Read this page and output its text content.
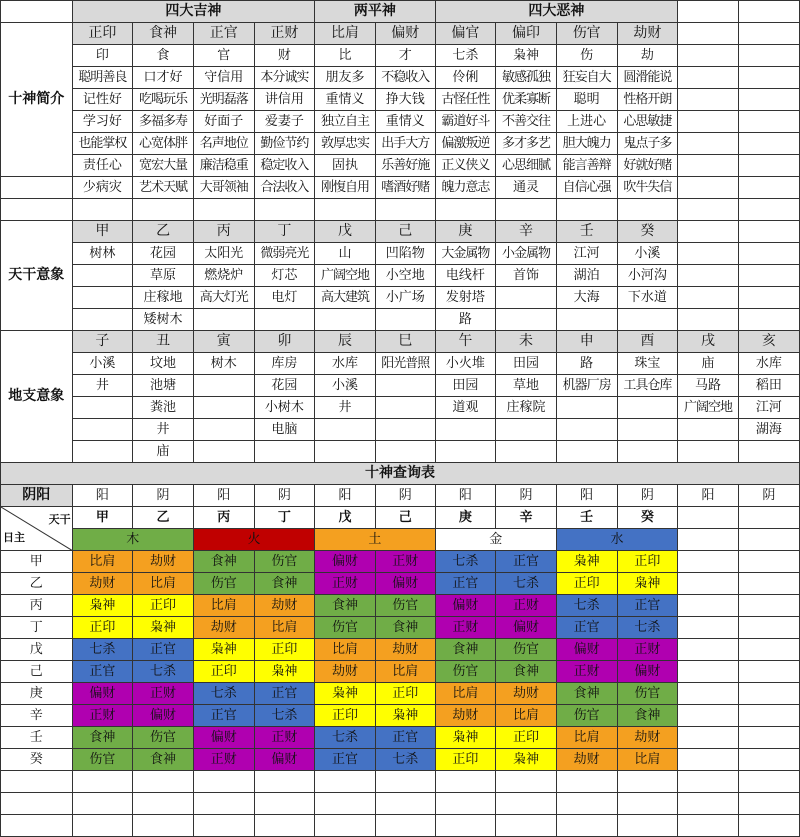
	四大吉神				两平神		四大恶神					
十神简介	正印	食神	正官	正财	比肩	偏财	偏官	偏印	伤官	劫财		
	印	食	官	财	比	才	七杀	枭神	伤	劫		
	聪明善良	口才好	守信用	本分诚实	朋友多	不稳收入	伶俐	敏感孤独	狂妄自大	圆滑能说		
	记性好	吃喝玩乐	光明磊落	讲信用	重情义	挣大钱	古怪任性	优柔寡断	聪明	性格开朗		
	学习好	多福多寿	好面子	爱妻子	独立自主	重情义	霸道好斗	不善交往	上进心	心思敏捷		
	也能掌权	心宽体胖	名声地位	勤俭节约	敦厚忠实	出手大方	偏激叛逆	多才多艺	胆大魄力	鬼点子多		
	责任心	宽宏大量	廉洁稳重	稳定收入	固执	乐善好施	正义侠义	心思细腻	能言善辩	好就好赌		
	少病灾	艺术天赋	大哥领袖	合法收入	刚愎自用	嗜酒好赌	魄力意志	通灵	自信心强	吹牛失信		

天干意象	甲	乙	丙	丁	戊	己	庚	辛	壬	癸		
	树林	花园	太阳光	微弱亮光	山	凹陷物	大金属物	小金属物	江河	小溪		
		草原	燃烧炉	灯芯	广阔空地	小空地	电线杆	首饰	湖泊	小河沟		
		庄稼地	高大灯光	电灯	高大建筑	小广场	发射塔		大海	下水道		
		矮树木					路					
地支意象	子	丑	寅	卯	辰	巳	午	未	申	酉	戌	亥
	小溪	坟地	树木	库房	水库	阳光普照	小火堆	田园	路	珠宝	庙	水库
	井	池塘		花园	小溪		田园	草地	机器厂房	工具仓库	马路	稻田
		粪池		小树木	井		道观	庄稼院			广阔空地	江河
		井		电脑								湖海
		庙										
十神查询表												
阴阳	阳	阴	阳	阴	阳	阴	阳	阴	阳	阴	阳	阴

天干
日主	甲	乙	丙	丁	戊	己	庚	辛	壬	癸		
	木		火		土		金		水			
甲	比肩	劫财	食神	伤官	偏财	正财	七杀	正官	枭神	正印		
乙	劫财	比肩	伤官	食神	正财	偏财	正官	七杀	正印	枭神		
丙	枭神	正印	比肩	劫财	食神	伤官	偏财	正财	七杀	正官		
丁	正印	枭神	劫财	比肩	伤官	食神	正财	偏财	正官	七杀		
戊	七杀	正官	枭神	正印	比肩	劫财	食神	伤官	偏财	正财		
己	正官	七杀	正印	枭神	劫财	比肩	伤官	食神	正财	偏财		
庚	偏财	正财	七杀	正官	枭神	正印	比肩	劫财	食神	伤官		
辛	正财	偏财	正官	七杀	正印	枭神	劫财	比肩	伤官	食神		
壬	食神	伤官	偏财	正财	七杀	正官	枭神	正印	比肩	劫财		
癸	伤官	食神	正财	偏财	正官	七杀	正印	枭神	劫财	比肩		
